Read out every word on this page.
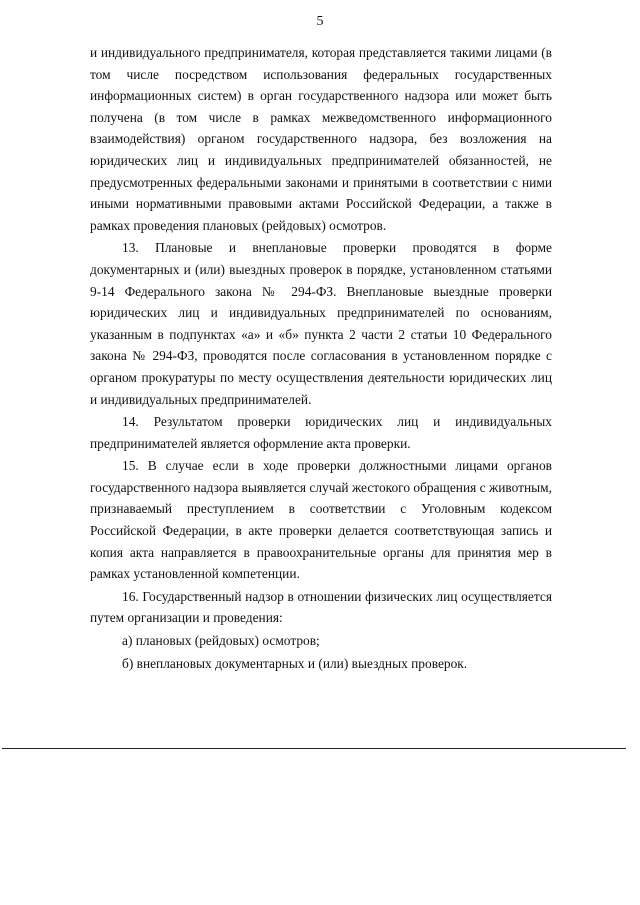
5

и индивидуального предпринимателя, которая представляется такими лицами (в том числе посредством использования федеральных государственных информационных систем) в орган государственного надзора или может быть получена (в том числе в рамках межведомственного информационного взаимодействия) органом государственного надзора, без возложения на юридических лиц и индивидуальных предпринимателей обязанностей, не предусмотренных федеральными законами и принятыми в соответствии с ними иными нормативными правовыми актами Российской Федерации, а также в рамках проведения плановых (рейдовых) осмотров.

13. Плановые и внеплановые проверки проводятся в форме документарных и (или) выездных проверок в порядке, установленном статьями 9-14 Федерального закона № 294-ФЗ. Внеплановые выездные проверки юридических лиц и индивидуальных предпринимателей по основаниям, указанным в подпунктах «а» и «б» пункта 2 части 2 статьи 10 Федерального закона № 294-ФЗ, проводятся после согласования в установленном порядке с органом прокуратуры по месту осуществления деятельности юридических лиц и индивидуальных предпринимателей.

14. Результатом проверки юридических лиц и индивидуальных предпринимателей является оформление акта проверки.

15. В случае если в ходе проверки должностными лицами органов государственного надзора выявляется случай жестокого обращения с животным, признаваемый преступлением в соответствии с Уголовным кодексом Российской Федерации, в акте проверки делается соответствующая запись и копия акта направляется в правоохранительные органы для принятия мер в рамках установленной компетенции.

16. Государственный надзор в отношении физических лиц осуществляется путем организации и проведения:

а) плановых (рейдовых) осмотров;

б) внеплановых документарных и (или) выездных проверок.
